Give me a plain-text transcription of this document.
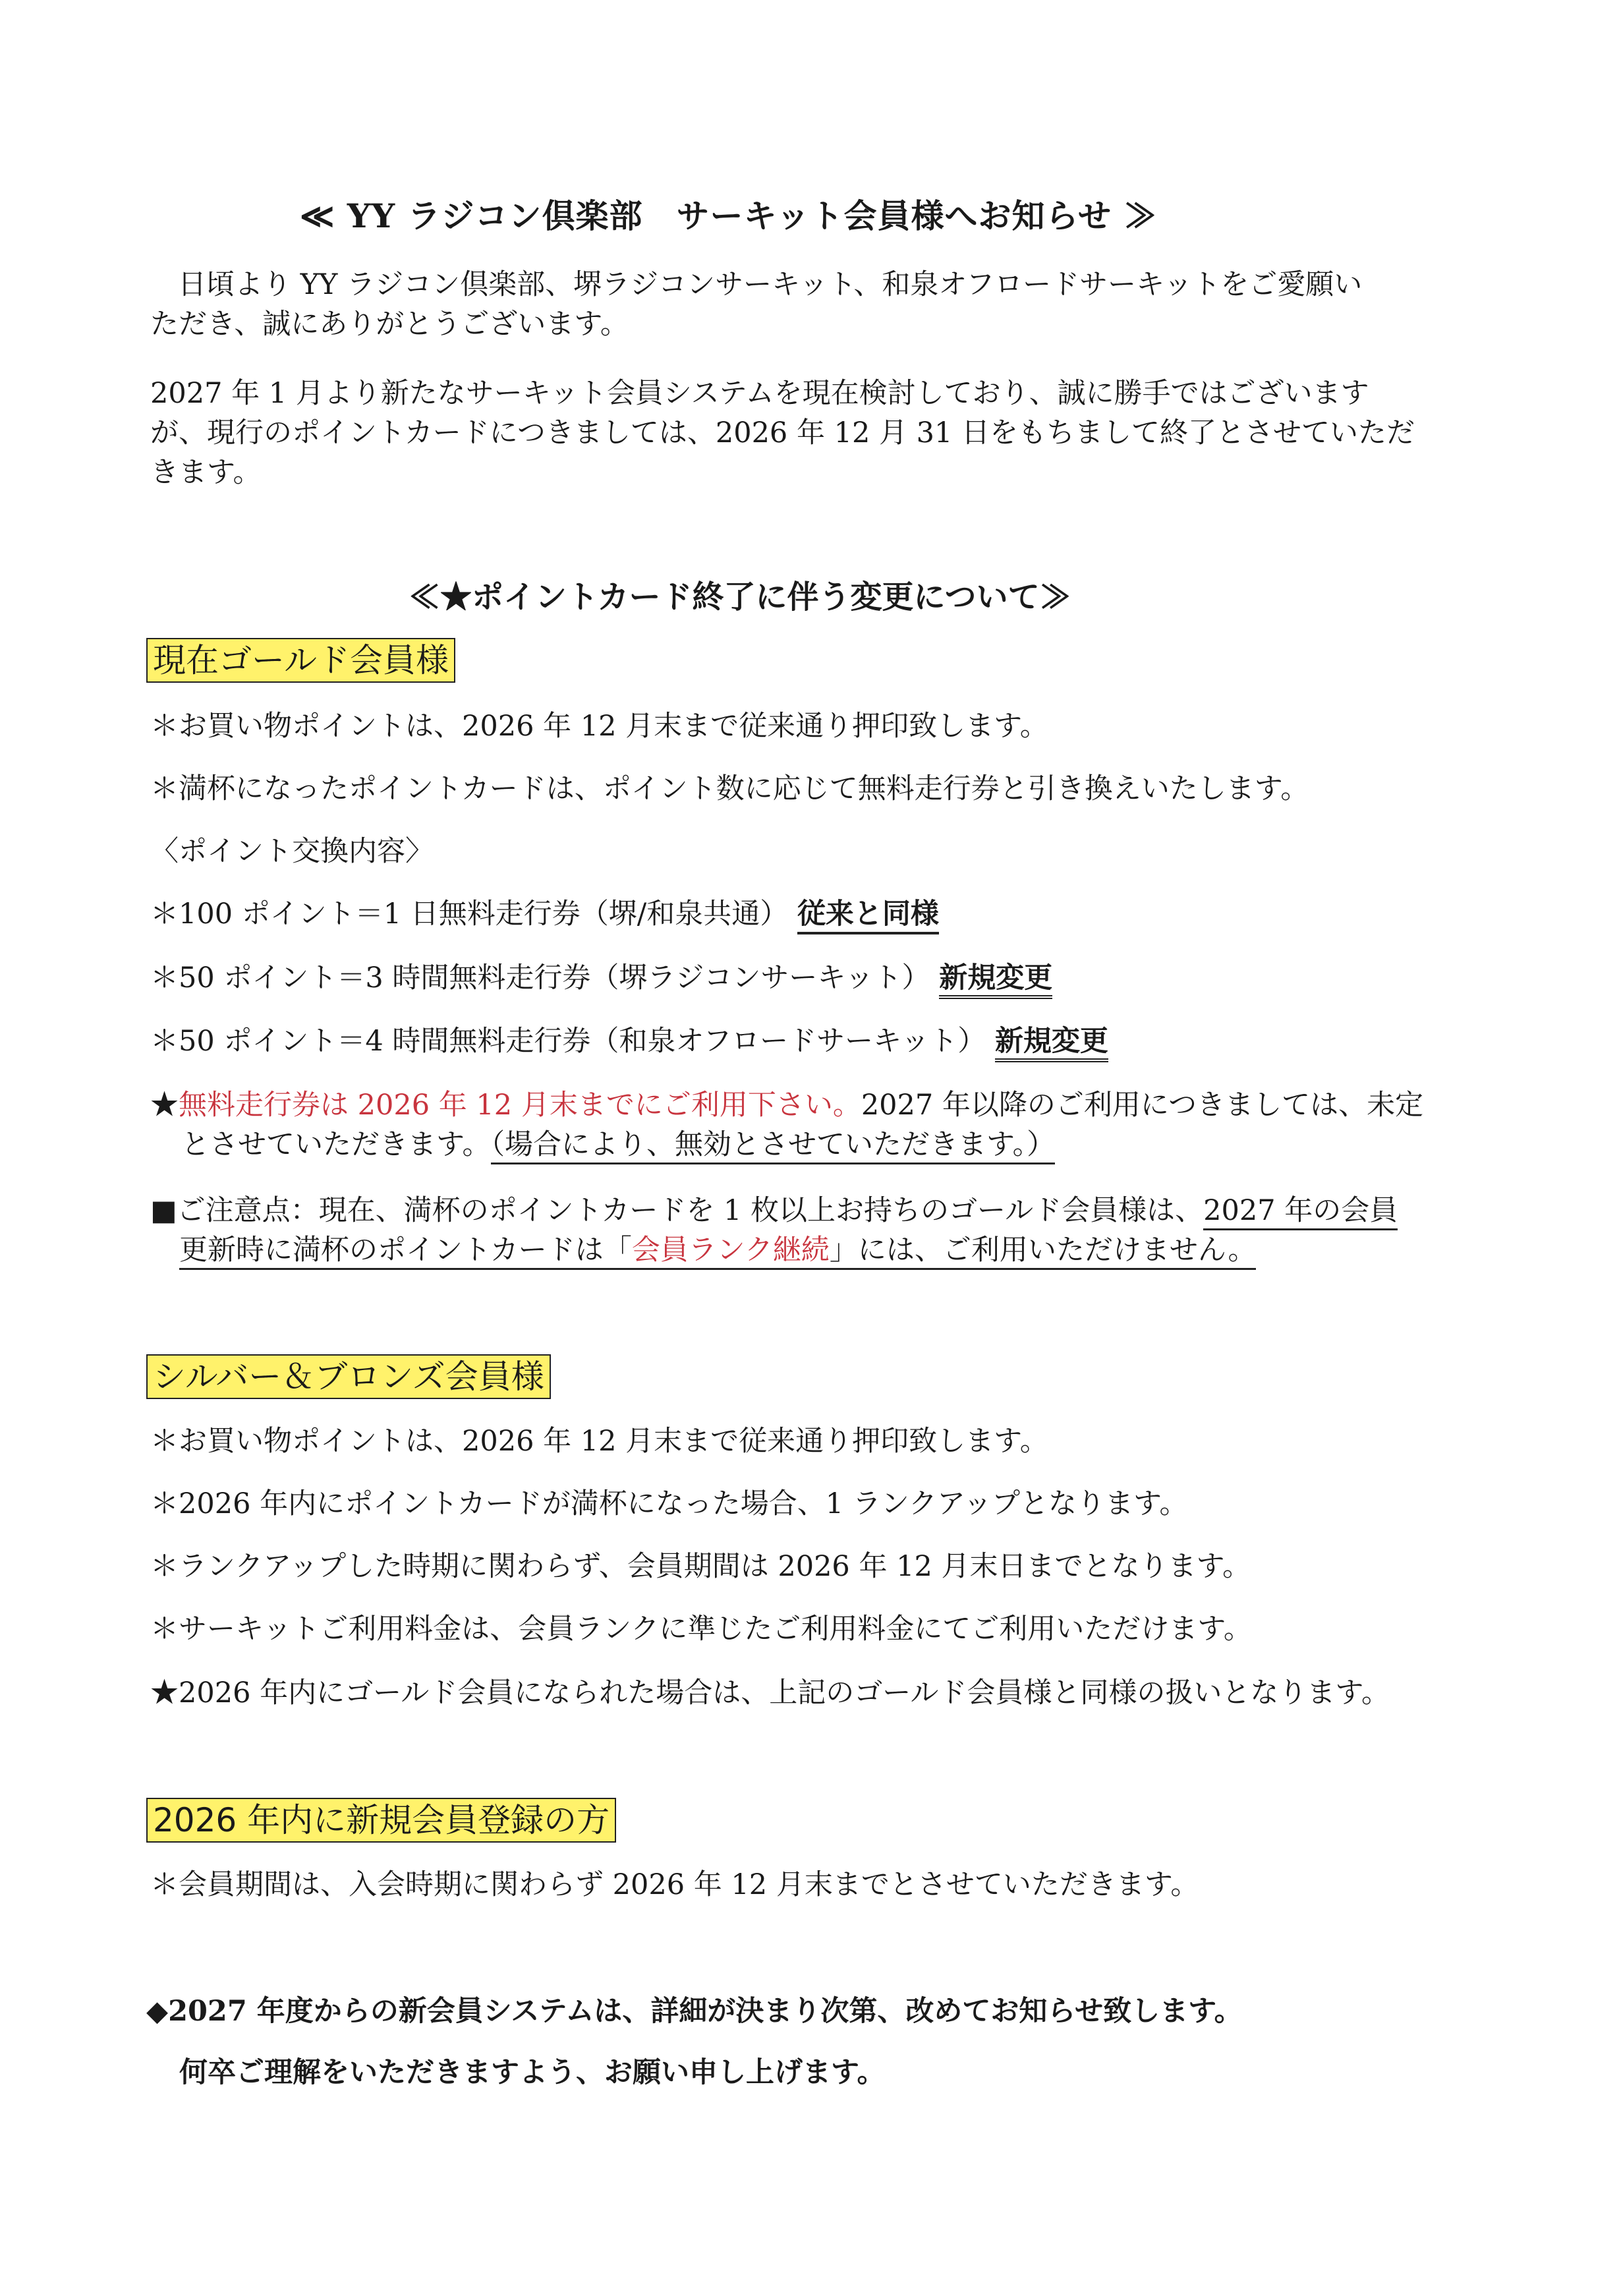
≪ YY ラジコン倶楽部　サーキット会員様へお知らせ ≫
日頃より YY ラジコン倶楽部、堺ラジコンサーキット、和泉オフロードサーキットをご愛願い
ただき、誠にありがとうございます。
2027 年 1 月より新たなサーキット会員システムを現在検討しており、誠に勝手ではございます
が、現行のポイントカードにつきましては、2026 年 12 月 31 日をもちまして終了とさせていただ
きます。
≪★ポイントカード終了に伴う変更について≫
現在ゴールド会員様
＊お買い物ポイントは、2026 年 12 月末まで従来通り押印致します。
＊満杯になったポイントカードは、ポイント数に応じて無料走行券と引き換えいたします。
〈ポイント交換内容〉
＊100 ポイント＝1 日無料走行券（堺/和泉共通） 従来と同様
＊50 ポイント＝3 時間無料走行券（堺ラジコンサーキット） 新規変更
＊50 ポイント＝4 時間無料走行券（和泉オフロードサーキット） 新規変更
★無料走行券は 2026 年 12 月末までにご利用下さい。2027 年以降のご利用につきましては、未定
とさせていただきます。（場合により、無効とさせていただきます。）
■ご注意点：現在、満杯のポイントカードを 1 枚以上お持ちのゴールド会員様は、2027 年の会員
更新時に満杯のポイントカードは「会員ランク継続」には、ご利用いただけません。
シルバー＆ブロンズ会員様
＊お買い物ポイントは、2026 年 12 月末まで従来通り押印致します。
＊2026 年内にポイントカードが満杯になった場合、1 ランクアップとなります。
＊ランクアップした時期に関わらず、会員期間は 2026 年 12 月末日までとなります。
＊サーキットご利用料金は、会員ランクに準じたご利用料金にてご利用いただけます。
★2026 年内にゴールド会員になられた場合は、上記のゴールド会員様と同様の扱いとなります。
2026 年内に新規会員登録の方
＊会員期間は、入会時期に関わらず 2026 年 12 月末までとさせていただきます。
◆2027 年度からの新会員システムは、詳細が決まり次第、改めてお知らせ致します。
何卒ご理解をいただきますよう、お願い申し上げます。
